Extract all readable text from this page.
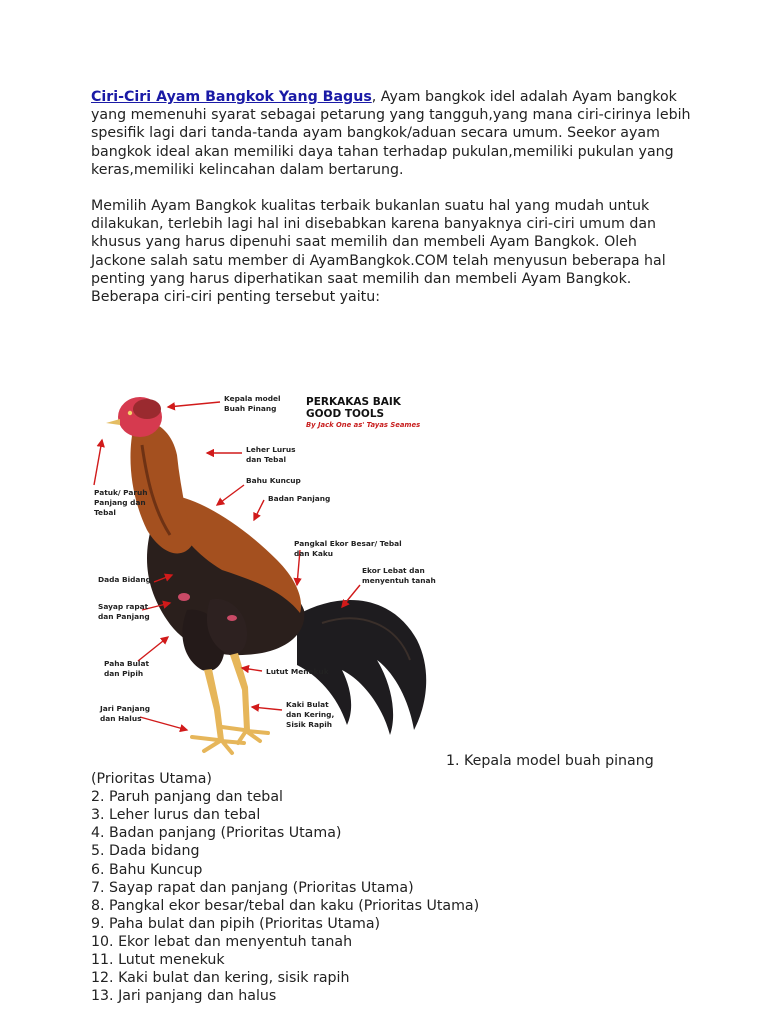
Ciri-Ciri Ayam Bangkok Yang Bagus, Ayam bangkok idel adalah Ayam bangkok yang memenuhi syarat sebagai petarung yang tangguh,yang mana ciri-cirinya lebih spesifik lagi dari tanda-tanda ayam bangkok/aduan secara umum. Seekor ayam bangkok ideal akan memiliki daya tahan terhadap pukulan,memiliki pukulan yang keras,memiliki kelincahan dalam bertarung.

Memilih Ayam Bangkok kualitas terbaik bukanlan suatu hal yang mudah untuk dilakukan, terlebih lagi hal ini disebabkan karena banyaknya ciri-ciri umum dan khusus yang harus dipenuhi saat memilih dan membeli Ayam Bangkok. Oleh Jackone salah satu member di AyamBangkok.COM telah menyusun beberapa hal penting yang harus diperhatikan saat memilih dan membeli Ayam Bangkok. Beberapa ciri-ciri penting tersebut yaitu:

PERKAKAS BAIK
GOOD TOOLS
By Jack One as' Tayas Seames
Kepala model
Buah Pinang
Leher Lurus
dan Tebal
Bahu Kuncup
Badan Panjang
Patuk/ Paruh
Panjang dan
Tebal
Pangkal Ekor Besar/ Tebal
dan Kaku
Ekor Lebat dan
menyentuh tanah
Dada Bidang
Sayap rapat
dan Panjang
Paha Bulat
dan Pipih	Lutut Menekuk
Jari Panjang
dan Halus
Kaki Bulat
dan Kering,
Sisik Rapih
1. Kepala model buah pinang
(Prioritas Utama)
2. Paruh panjang dan tebal
3. Leher lurus dan tebal
4. Badan panjang (Prioritas Utama)
5. Dada bidang
6. Bahu Kuncup
7. Sayap rapat dan panjang (Prioritas Utama)
8. Pangkal ekor besar/tebal dan kaku (Prioritas Utama)
9. Paha bulat dan pipih (Prioritas Utama)
10. Ekor lebat dan menyentuh tanah
11. Lutut menekuk
12. Kaki bulat dan kering, sisik rapih
13. Jari panjang dan halus
